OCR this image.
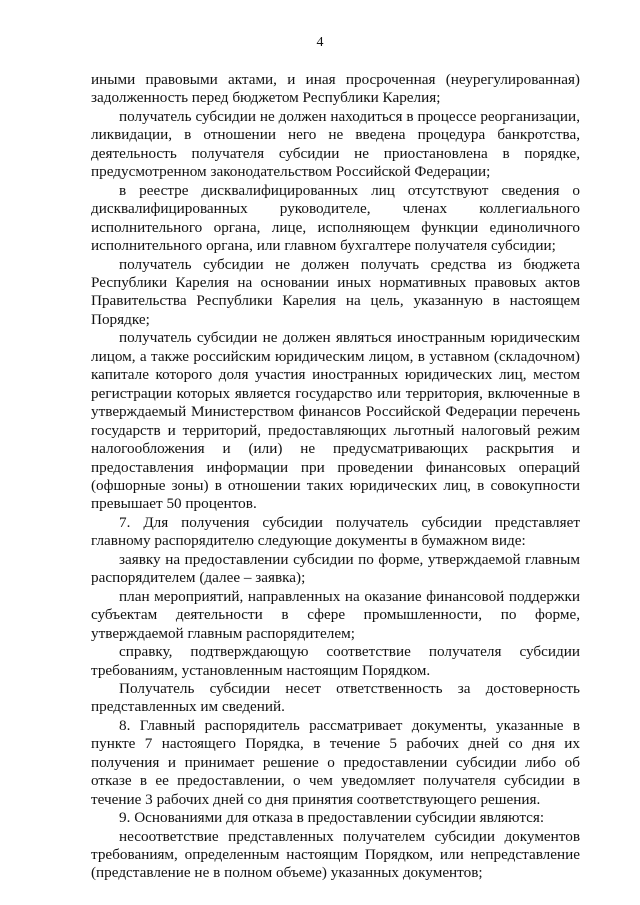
4

иными правовыми актами, и иная просроченная (неурегулированная) задолженность перед бюджетом Республики Карелия;

получатель субсидии не должен находиться в процессе реорганизации, ликвидации, в отношении него не введена процедура банкротства, деятельность получателя субсидии не приостановлена в порядке, предусмотренном законодательством Российской Федерации;

в реестре дисквалифицированных лиц отсутствуют сведения о дисквалифицированных руководителе, членах коллегиального исполнительного органа, лице, исполняющем функции единоличного исполнительного органа, или главном бухгалтере получателя субсидии;

получатель субсидии не должен получать средства из бюджета Республики Карелия на основании иных нормативных правовых актов Правительства Республики Карелия на цель, указанную в настоящем Порядке;

получатель субсидии не должен являться иностранным юридическим лицом, а также российским юридическим лицом, в уставном (складочном) капитале которого доля участия иностранных юридических лиц, местом регистрации которых является государство или территория, включенные в утверждаемый Министерством финансов Российской Федерации перечень государств и территорий, предоставляющих льготный налоговый режим налогообложения и (или) не предусматривающих раскрытия и предоставления информации при проведении финансовых операций (офшорные зоны) в отношении таких юридических лиц, в совокупности превышает 50 процентов.

7. Для получения субсидии получатель субсидии представляет главному распорядителю следующие документы в бумажном виде:

заявку на предоставлении субсидии по форме, утверждаемой главным распорядителем (далее – заявка);

план мероприятий, направленных на оказание финансовой поддержки субъектам деятельности в сфере промышленности, по форме, утверждаемой главным распорядителем;

справку, подтверждающую соответствие получателя субсидии требованиям, установленным настоящим Порядком.

Получатель субсидии несет ответственность за достоверность представленных им сведений.

8. Главный распорядитель рассматривает документы, указанные в пункте 7 настоящего Порядка, в течение 5 рабочих дней со дня их получения и принимает решение о предоставлении субсидии либо об отказе в ее предоставлении, о чем уведомляет получателя субсидии в течение 3 рабочих дней со дня принятия соответствующего решения.

9. Основаниями для отказа в предоставлении субсидии являются:

несоответствие представленных получателем субсидии документов требованиям, определенным настоящим Порядком, или непредставление (представление не в полном объеме) указанных документов;
